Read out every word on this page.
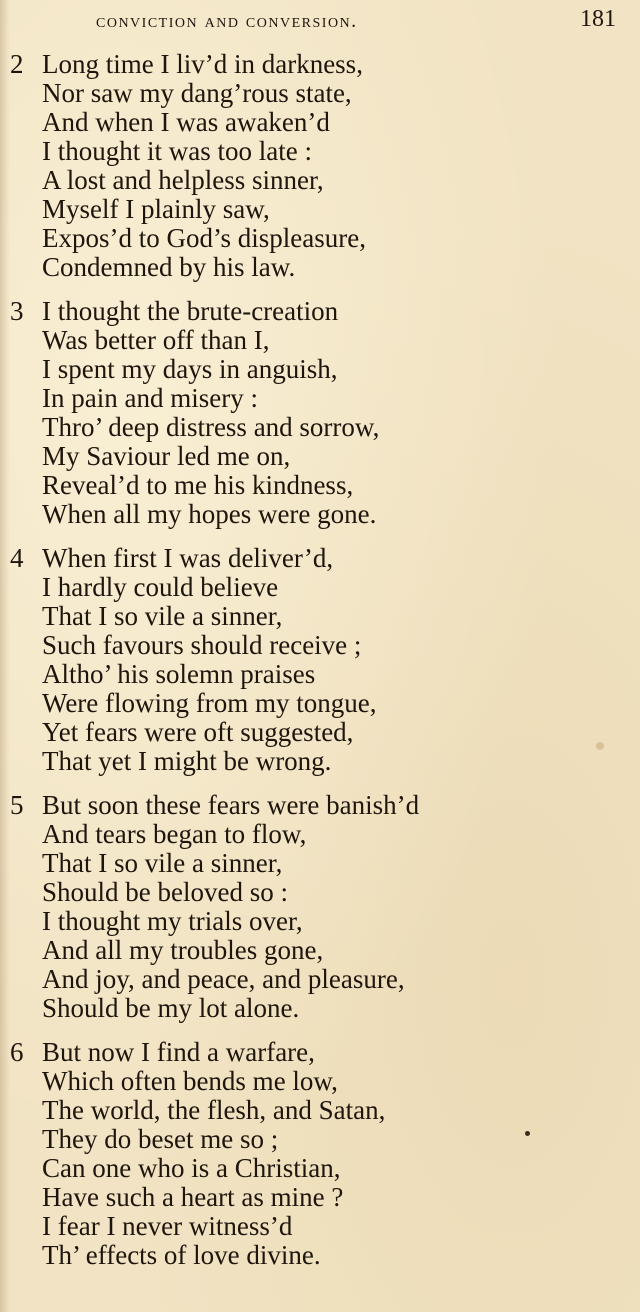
conviction and conversion.	181
2 Long time I liv’d in darkness,
Nor saw my dang’rous state,
And when I was awaken’d
I thought it was too late :
A lost and helpless sinner,
Myself I plainly saw,
Expos’d to God’s displeasure,
Condemned by his law.
3 I thought the brute-creation
Was better off than I,
I spent my days in anguish,
In pain and misery :
Thro’ deep distress and sorrow,
My Saviour led me on,
Reveal’d to me his kindness,
When all my hopes were gone.
4 When first I was deliver’d,
I hardly could believe
That I so vile a sinner,
Such favours should receive ;
Altho’ his solemn praises
Were flowing from my tongue,
Yet fears were oft suggested,
That yet I might be wrong.
5 But soon these fears were banish’d
And tears began to flow,
That I so vile a sinner,
Should be beloved so :
I thought my trials over,
And all my troubles gone,
And joy, and peace, and pleasure,
Should be my lot alone.
6 But now I find a warfare,
Which often bends me low,
The world, the flesh, and Satan,
They do beset me so ;
Can one who is a Christian,
Have such a heart as mine ?
I fear I never witness’d
Th’ effects of love divine.
